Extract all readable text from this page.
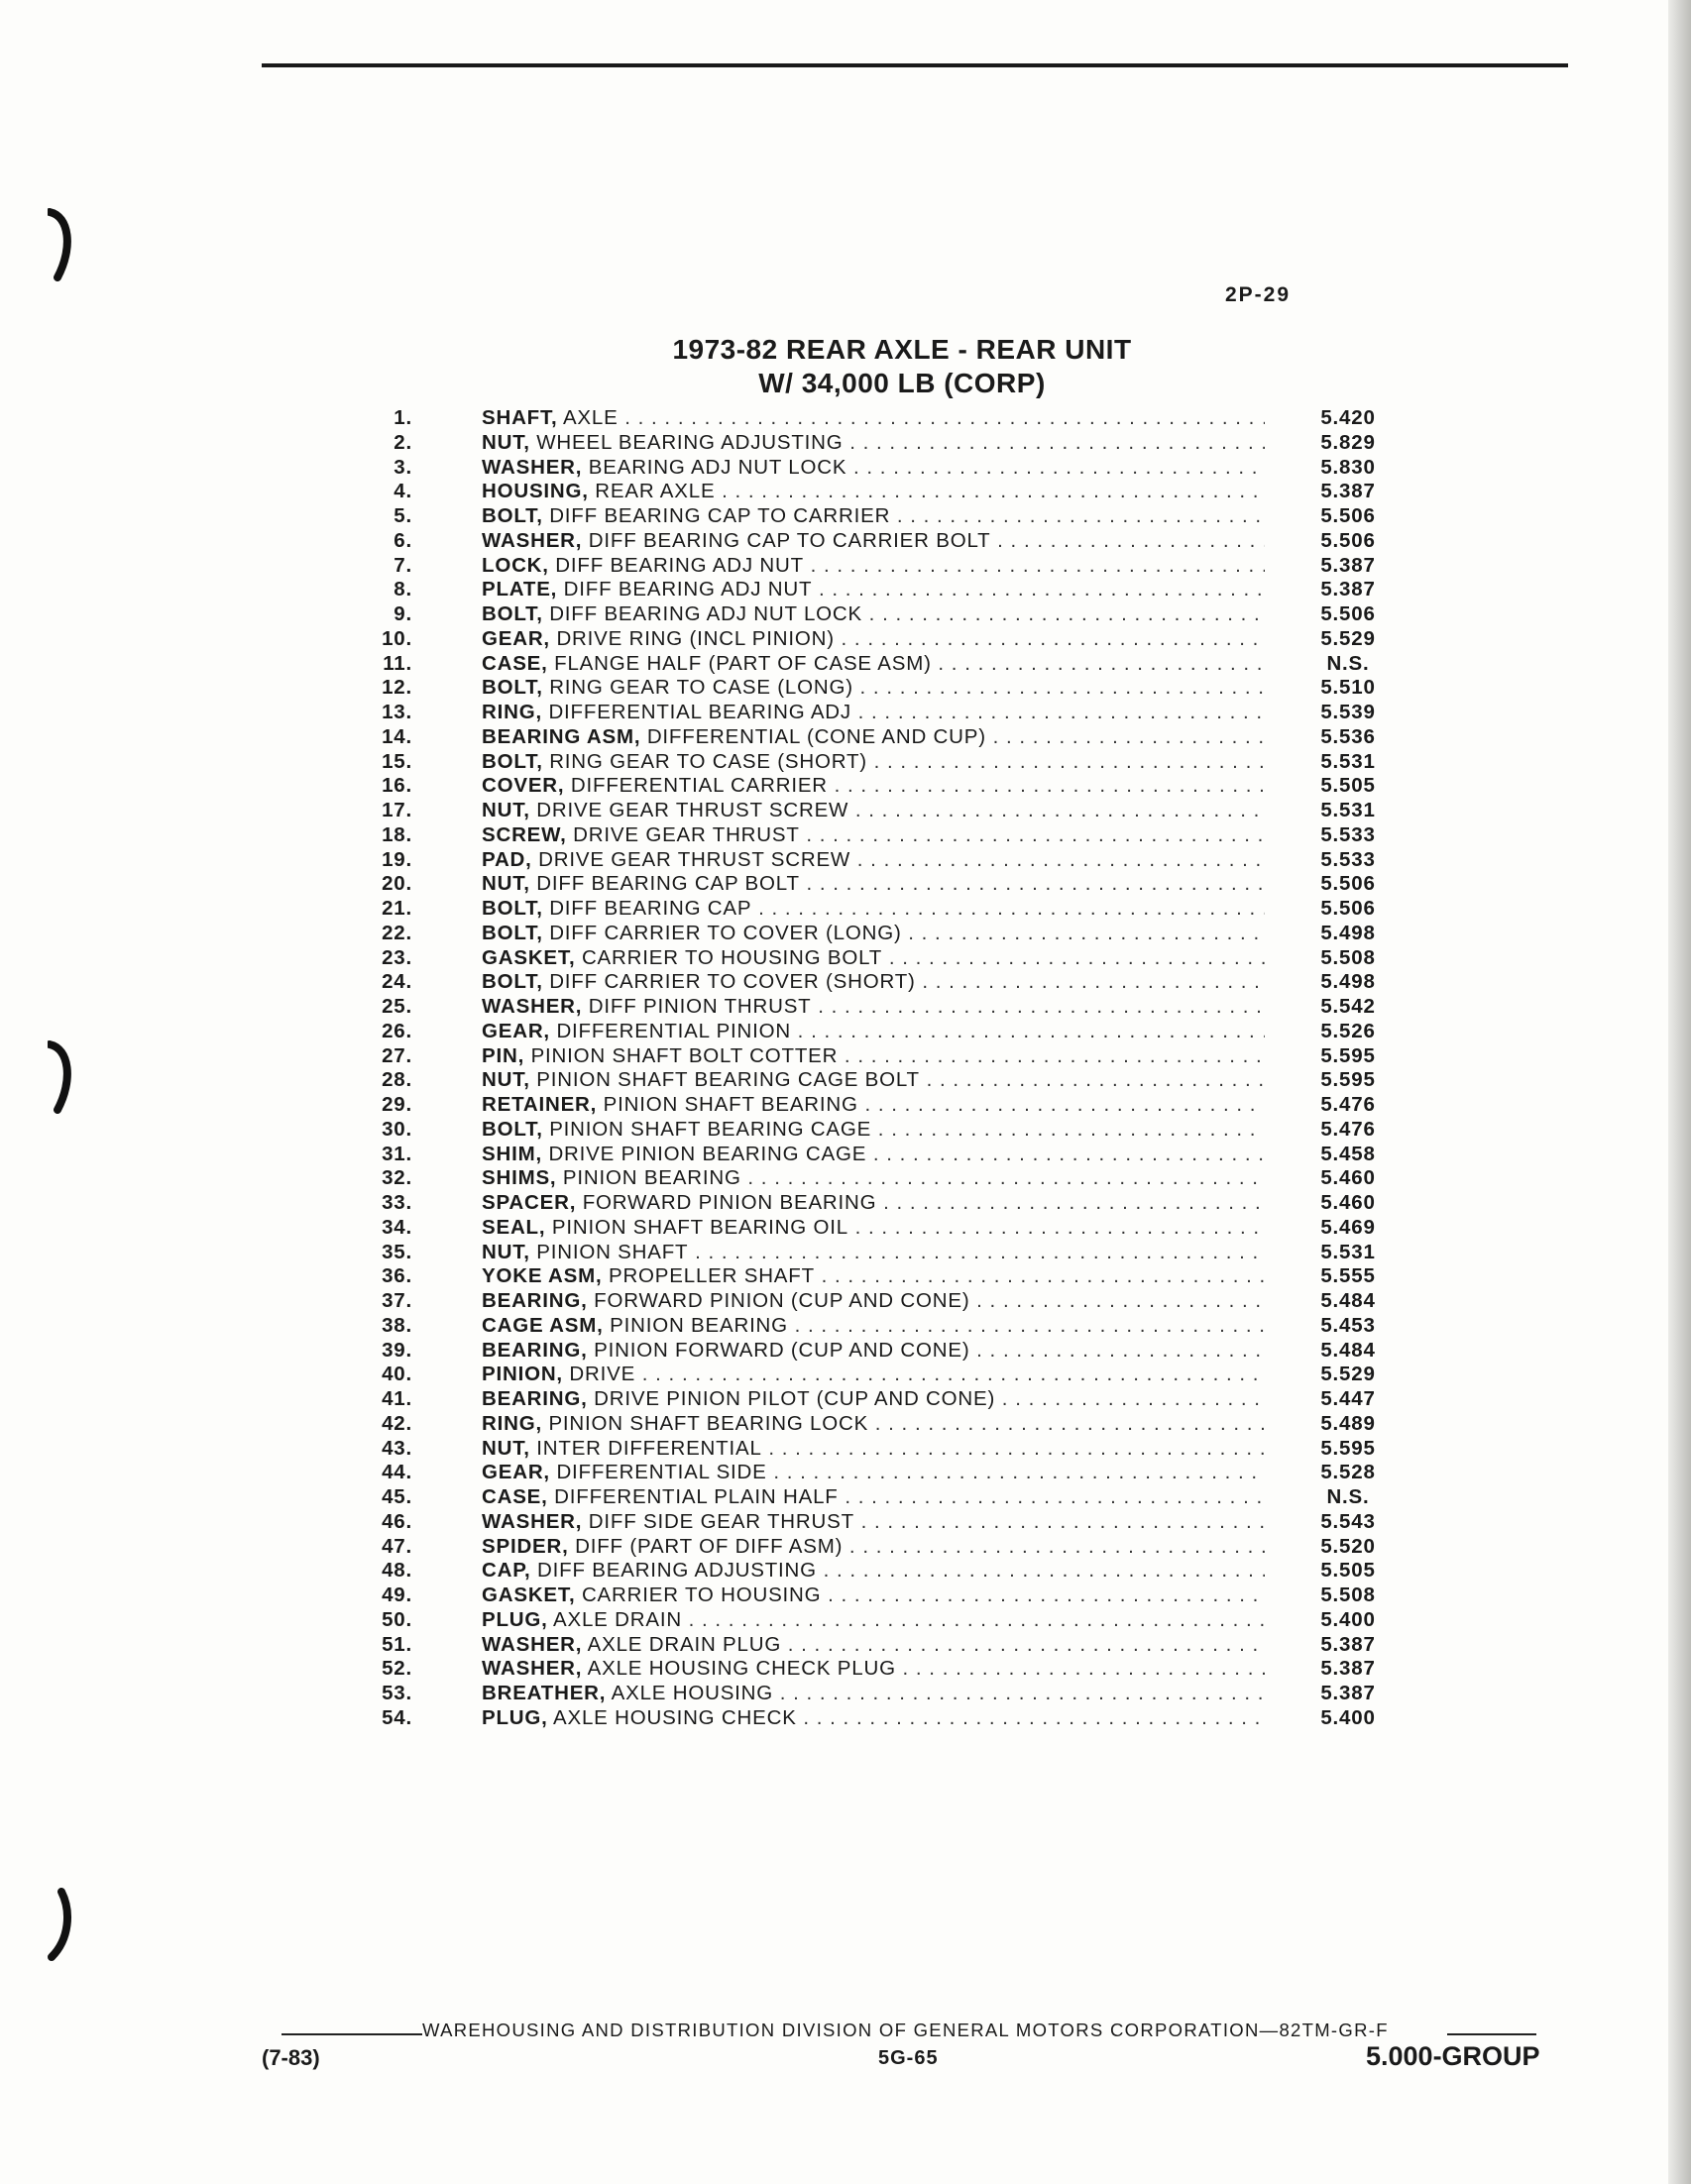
2P-29
1973-82 REAR AXLE - REAR UNIT
W/ 34,000 LB (CORP)
1.	SHAFT, AXLE . . .	5.420
2.	NUT, WHEEL BEARING ADJUSTING . . .	5.829
3.	WASHER, BEARING ADJ NUT LOCK . . .	5.830
4.	HOUSING, REAR AXLE . . .	5.387
5.	BOLT, DIFF BEARING CAP TO CARRIER . . .	5.506
6.	WASHER, DIFF BEARING CAP TO CARRIER BOLT . . .	5.506
7.	LOCK, DIFF BEARING ADJ NUT . . .	5.387
8.	PLATE, DIFF BEARING ADJ NUT . . .	5.387
9.	BOLT, DIFF BEARING ADJ NUT LOCK . . .	5.506
10.	GEAR, DRIVE RING (INCL PINION) . . .	5.529
11.	CASE, FLANGE HALF (PART OF CASE ASM) . . .	N.S.
12.	BOLT, RING GEAR TO CASE (LONG) . . .	5.510
13.	RING, DIFFERENTIAL BEARING ADJ . . .	5.539
14.	BEARING ASM, DIFFERENTIAL (CONE AND CUP) . . .	5.536
15.	BOLT, RING GEAR TO CASE (SHORT) . . .	5.531
16.	COVER, DIFFERENTIAL CARRIER . . .	5.505
17.	NUT, DRIVE GEAR THRUST SCREW . . .	5.531
18.	SCREW, DRIVE GEAR THRUST . . .	5.533
19.	PAD, DRIVE GEAR THRUST SCREW . . .	5.533
20.	NUT, DIFF BEARING CAP BOLT . . .	5.506
21.	BOLT, DIFF BEARING CAP . . .	5.506
22.	BOLT, DIFF CARRIER TO COVER (LONG) . . .	5.498
23.	GASKET, CARRIER TO HOUSING BOLT . . .	5.508
24.	BOLT, DIFF CARRIER TO COVER (SHORT) . . .	5.498
25.	WASHER, DIFF PINION THRUST . . .	5.542
26.	GEAR, DIFFERENTIAL PINION . . .	5.526
27.	PIN, PINION SHAFT BOLT COTTER . . .	5.595
28.	NUT, PINION SHAFT BEARING CAGE BOLT . . .	5.595
29.	RETAINER, PINION SHAFT BEARING . . .	5.476
30.	BOLT, PINION SHAFT BEARING CAGE . . .	5.476
31.	SHIM, DRIVE PINION BEARING CAGE . . .	5.458
32.	SHIMS, PINION BEARING . . .	5.460
33.	SPACER, FORWARD PINION BEARING . . .	5.460
34.	SEAL, PINION SHAFT BEARING OIL . . .	5.469
35.	NUT, PINION SHAFT . . .	5.531
36.	YOKE ASM, PROPELLER SHAFT . . .	5.555
37.	BEARING, FORWARD PINION (CUP AND CONE) . . .	5.484
38.	CAGE ASM, PINION BEARING . . .	5.453
39.	BEARING, PINION FORWARD (CUP AND CONE) . . .	5.484
40.	PINION, DRIVE . . .	5.529
41.	BEARING, DRIVE PINION PILOT (CUP AND CONE) . . .	5.447
42.	RING, PINION SHAFT BEARING LOCK . . .	5.489
43.	NUT, INTER DIFFERENTIAL . . .	5.595
44.	GEAR, DIFFERENTIAL SIDE . . .	5.528
45.	CASE, DIFFERENTIAL PLAIN HALF . . .	N.S.
46.	WASHER, DIFF SIDE GEAR THRUST . . .	5.543
47.	SPIDER, DIFF (PART OF DIFF ASM) . . .	5.520
48.	CAP, DIFF BEARING ADJUSTING . . .	5.505
49.	GASKET, CARRIER TO HOUSING . . .	5.508
50.	PLUG, AXLE DRAIN . . .	5.400
51.	WASHER, AXLE DRAIN PLUG . . .	5.387
52.	WASHER, AXLE HOUSING CHECK PLUG . . .	5.387
53.	BREATHER, AXLE HOUSING . . .	5.387
54.	PLUG, AXLE HOUSING CHECK . . .	5.400
WAREHOUSING AND DISTRIBUTION DIVISION OF GENERAL MOTORS CORPORATION—82TM-GR-F
(7-83)	5G-65	5.000-GROUP
